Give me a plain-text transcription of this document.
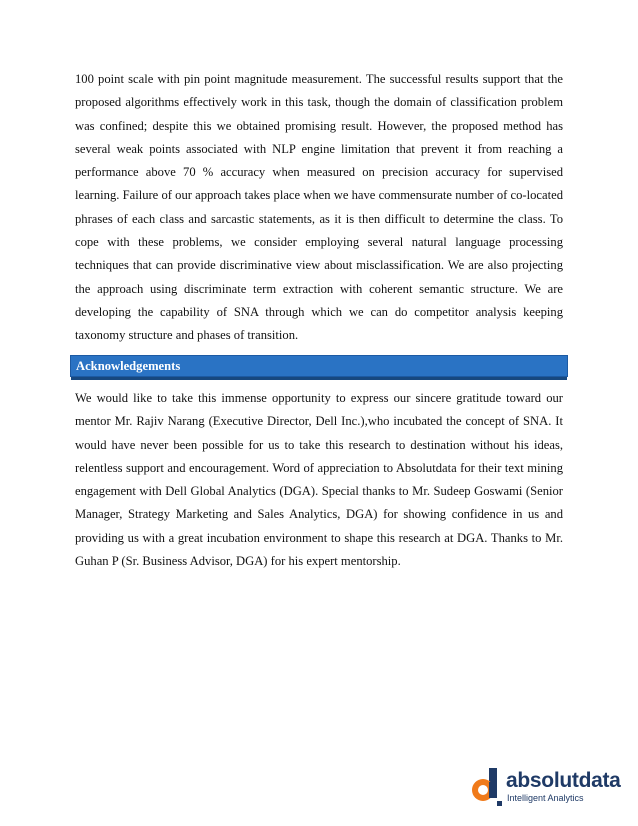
100 point scale with pin point magnitude measurement. The successful results support that the proposed algorithms effectively work in this task, though the domain of classification problem was confined; despite this we obtained promising result. However, the proposed method has several weak points associated with NLP engine limitation that prevent it from reaching a performance above 70 % accuracy when measured on precision accuracy for supervised learning. Failure of our approach takes place when we have commensurate number of co-located phrases of each class and sarcastic statements, as it is then difficult to determine the class. To cope with these problems, we consider employing several natural language processing techniques that can provide discriminative view about misclassification. We are also projecting the approach using discriminate term extraction with coherent semantic structure. We are developing the capability of SNA through which we can do competitor analysis keeping taxonomy structure and phases of transition.

Acknowledgements

We would like to take this immense opportunity to express our sincere gratitude toward our mentor Mr. Rajiv Narang (Executive Director, Dell Inc.),who incubated the concept of SNA. It would have never been possible for us to take this research to destination without his ideas, relentless support and encouragement. Word of appreciation to Absolutdata for their text mining engagement with Dell Global Analytics (DGA). Special thanks to Mr. Sudeep Goswami (Senior Manager, Strategy Marketing and Sales Analytics, DGA) for showing confidence in us and providing us with a great incubation environment to shape this research at DGA. Thanks to Mr. Guhan P (Sr. Business Advisor, DGA) for his expert mentorship.

absolutdata
Intelligent Analytics
